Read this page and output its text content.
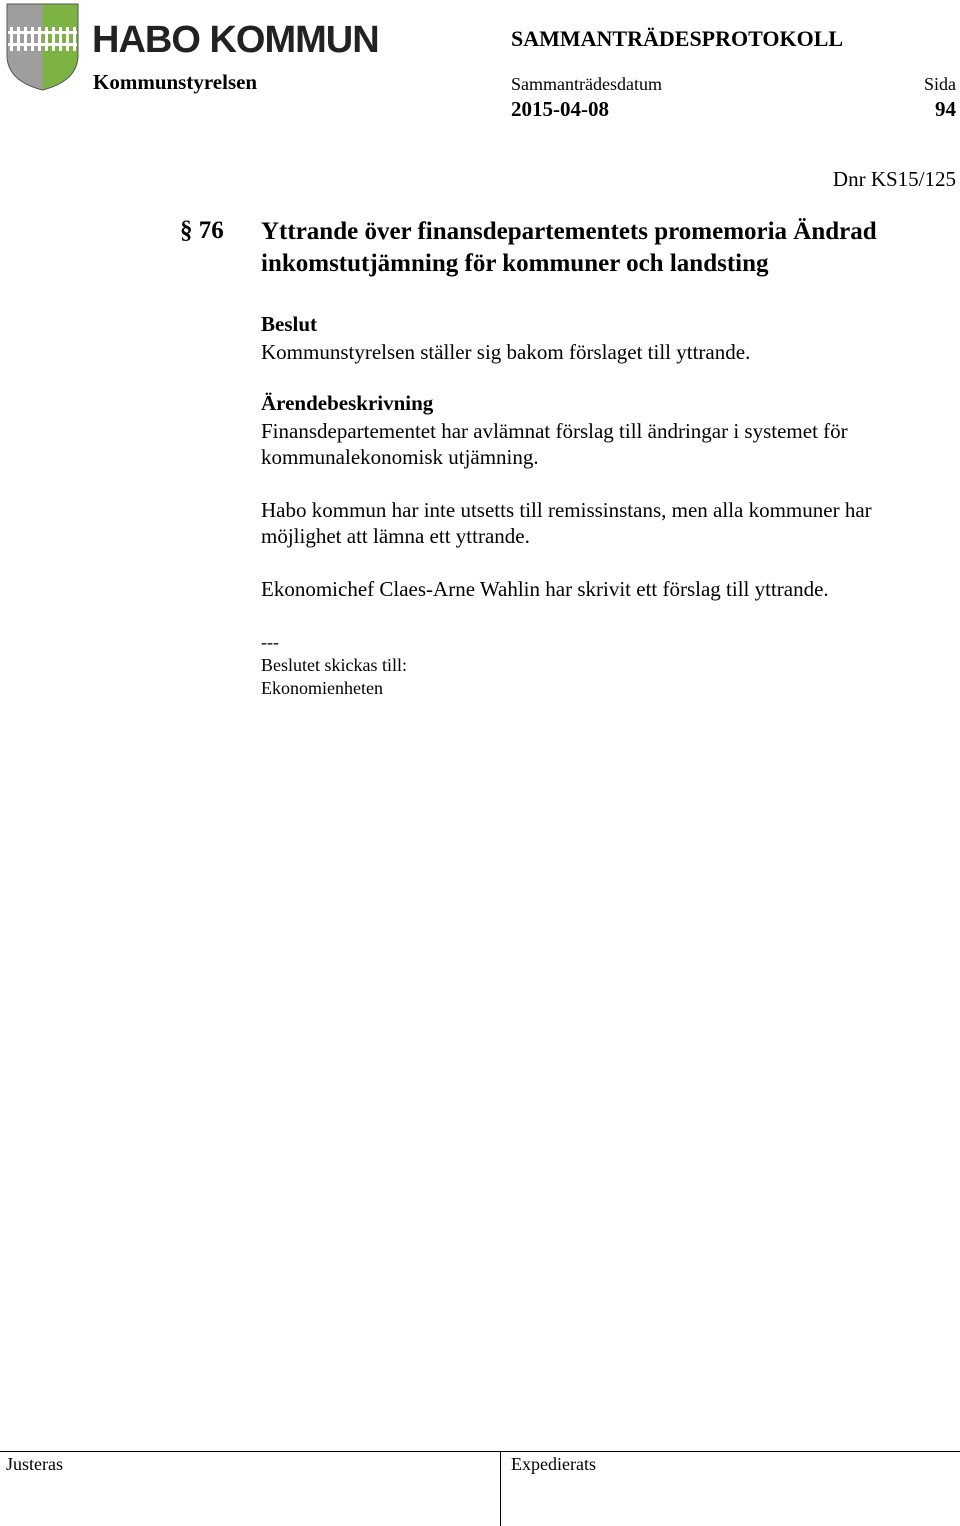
HABO KOMMUN
Kommunstyrelsen
SAMMANTRÄDESPROTOKOLL
Sammanträdesdatum
2015-04-08
Sida
94
Dnr KS15/125
§ 76 Yttrande över finansdepartementets promemoria Ändrad inkomstutjämning för kommuner och landsting
Beslut
Kommunstyrelsen ställer sig bakom förslaget till yttrande.
Ärendebeskrivning
Finansdepartementet har avlämnat förslag till ändringar i systemet för kommunalekonomisk utjämning.
Habo kommun har inte utsetts till remissinstans, men alla kommuner har möjlighet att lämna ett yttrande.
Ekonomichef Claes-Arne Wahlin har skrivit ett förslag till yttrande.
---
Beslutet skickas till:
Ekonomienheten
Justeras	Expedierats
